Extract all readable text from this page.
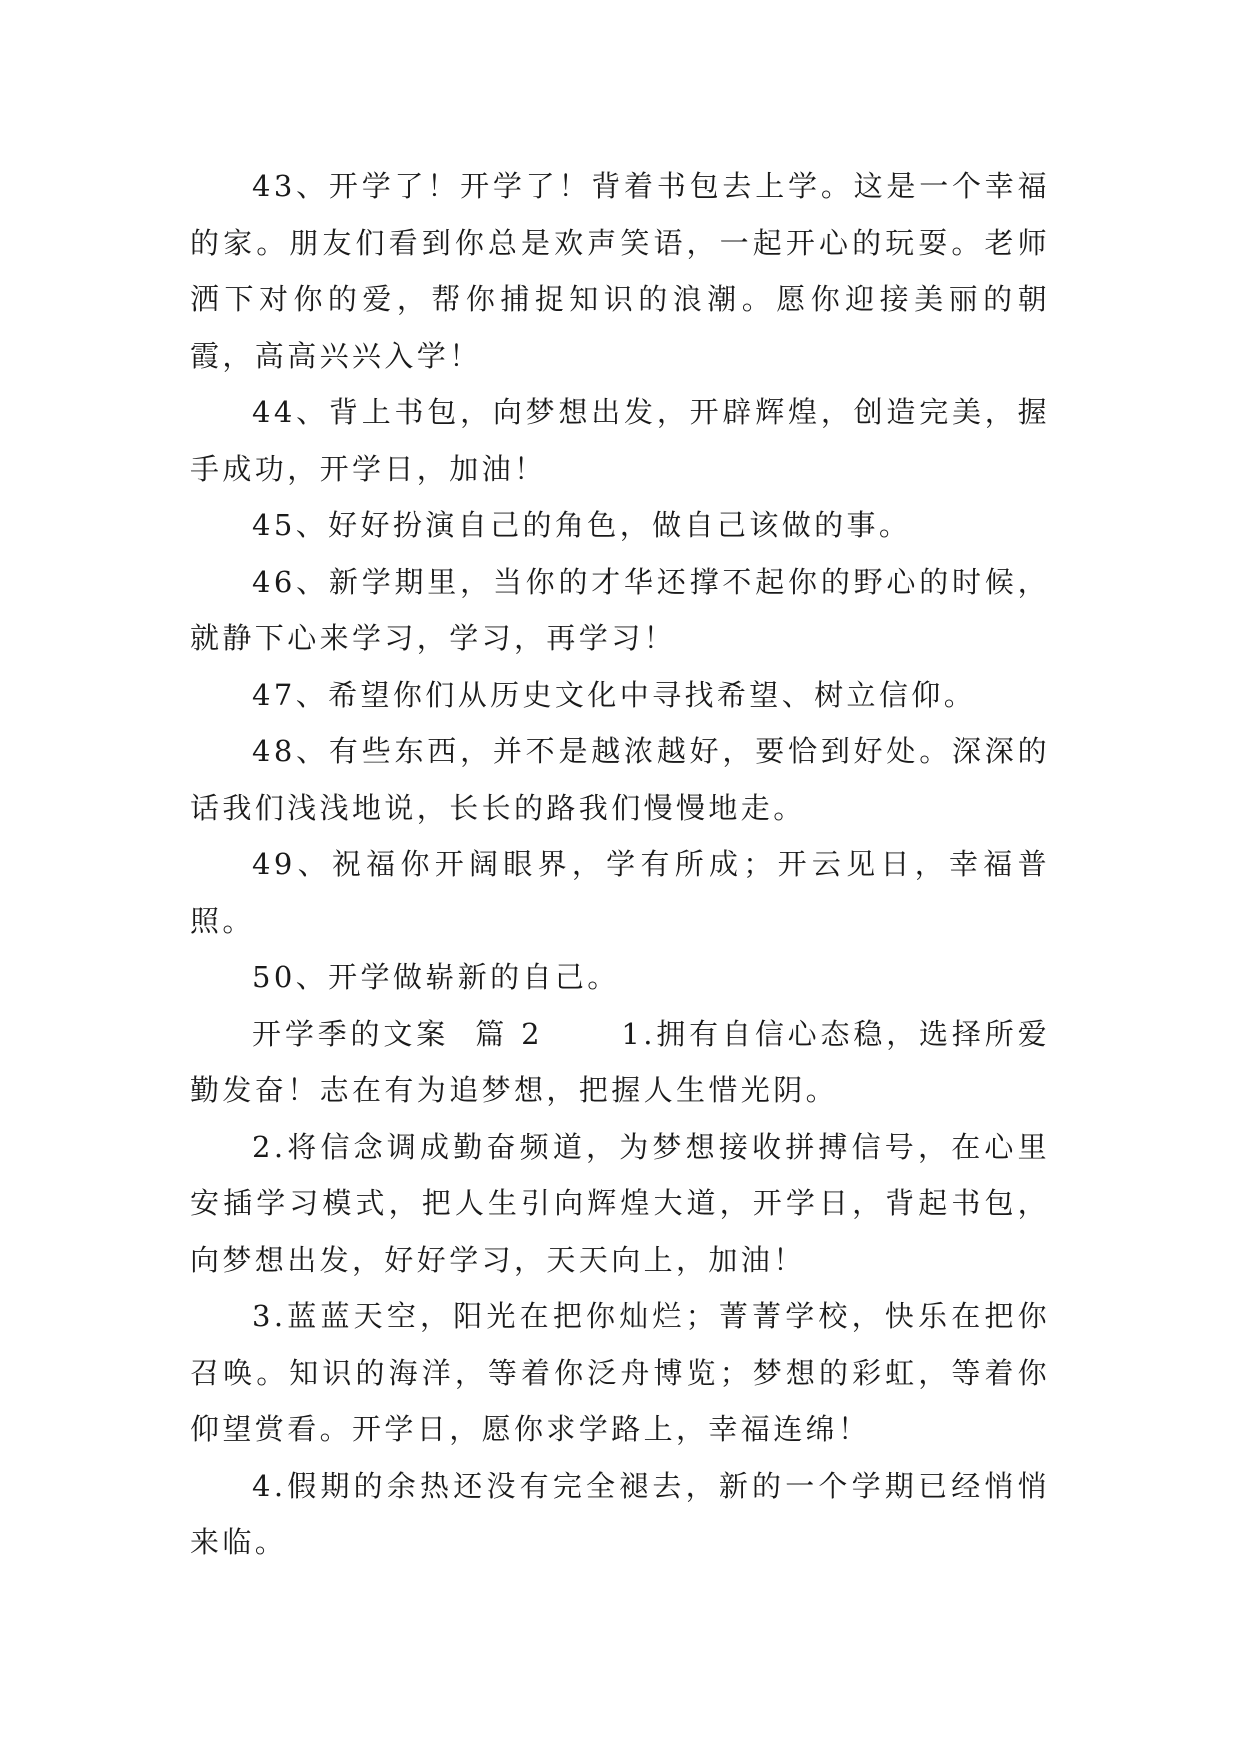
43、开学了！开学了！背着书包去上学。这是一个幸福的家。朋友们看到你总是欢声笑语，一起开心的玩耍。老师洒下对你的爱，帮你捕捉知识的浪潮。愿你迎接美丽的朝霞，高高兴兴入学！

44、背上书包，向梦想出发，开辟辉煌，创造完美，握手成功，开学日，加油！

45、好好扮演自己的角色，做自己该做的事。

46、新学期里，当你的才华还撑不起你的野心的时候，就静下心来学习，学习，再学习！

47、希望你们从历史文化中寻找希望、树立信仰。

48、有些东西，并不是越浓越好，要恰到好处。深深的话我们浅浅地说，长长的路我们慢慢地走。

49、祝福你开阔眼界，学有所成；开云见日，幸福普照。

50、开学做崭新的自己。

开学季的文案  篇 2      1.拥有自信心态稳，选择所爱勤发奋！志在有为追梦想，把握人生惜光阴。

2.将信念调成勤奋频道，为梦想接收拼搏信号，在心里安插学习模式，把人生引向辉煌大道，开学日，背起书包，向梦想出发，好好学习，天天向上，加油！

3.蓝蓝天空，阳光在把你灿烂；菁菁学校，快乐在把你召唤。知识的海洋，等着你泛舟博览；梦想的彩虹，等着你仰望赏看。开学日，愿你求学路上，幸福连绵！

4.假期的余热还没有完全褪去，新的一个学期已经悄悄来临。
